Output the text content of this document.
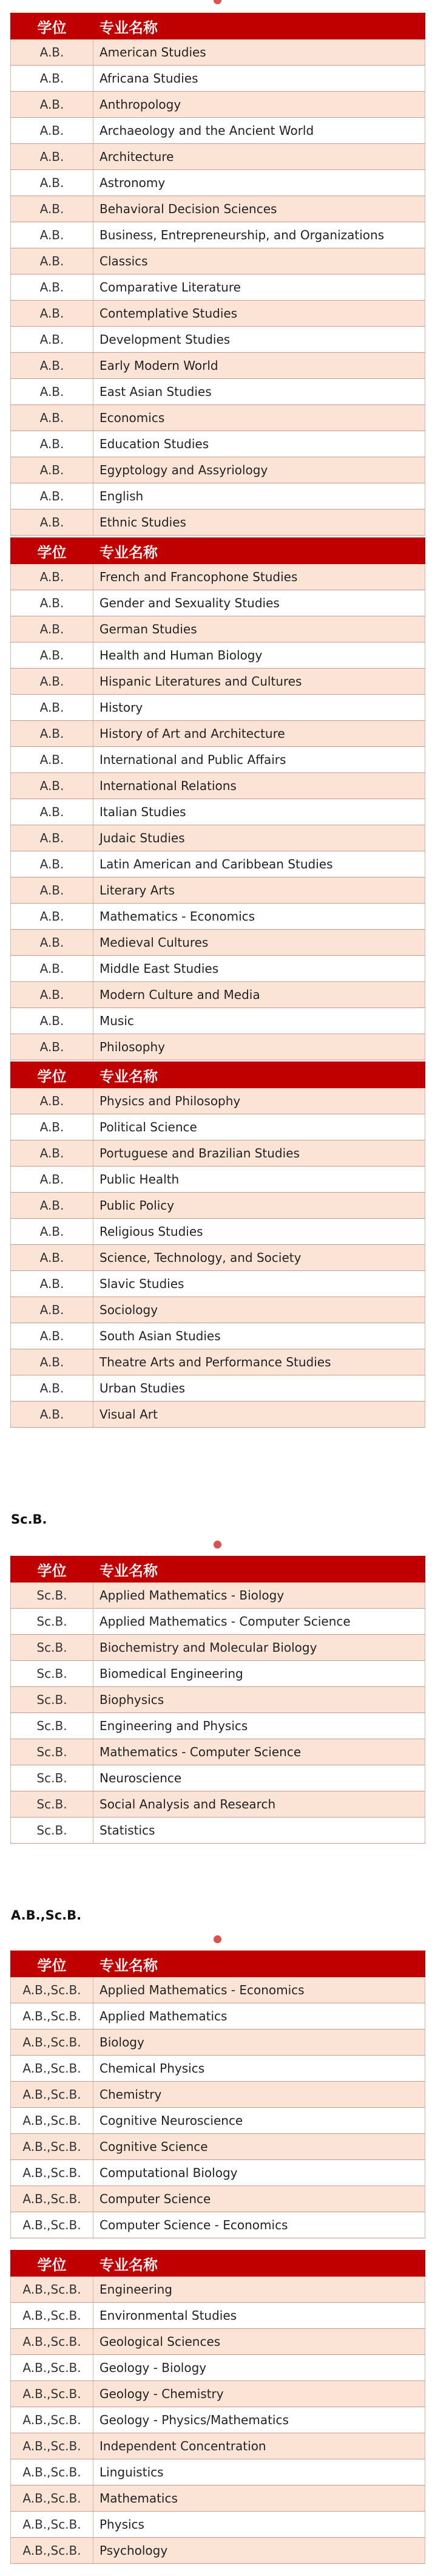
学位	专业名称
A.B.	American Studies
A.B.	Africana Studies
A.B.	Anthropology
A.B.	Archaeology and the Ancient World
A.B.	Architecture
A.B.	Astronomy
A.B.	Behavioral Decision Sciences
A.B.	Business, Entrepreneurship, and Organizations
A.B.	Classics
A.B.	Comparative Literature
A.B.	Contemplative Studies
A.B.	Development Studies
A.B.	Early Modern World
A.B.	East Asian Studies
A.B.	Economics
A.B.	Education Studies
A.B.	Egyptology and Assyriology
A.B.	English
A.B.	Ethnic Studies
学位	专业名称
A.B.	French and Francophone Studies
A.B.	Gender and Sexuality Studies
A.B.	German Studies
A.B.	Health and Human Biology
A.B.	Hispanic Literatures and Cultures
A.B.	History
A.B.	History of Art and Architecture
A.B.	International and Public Affairs
A.B.	International Relations
A.B.	Italian Studies
A.B.	Judaic Studies
A.B.	Latin American and Caribbean Studies
A.B.	Literary Arts
A.B.	Mathematics - Economics
A.B.	Medieval Cultures
A.B.	Middle East Studies
A.B.	Modern Culture and Media
A.B.	Music
A.B.	Philosophy
学位	专业名称
A.B.	Physics and Philosophy
A.B.	Political Science
A.B.	Portuguese and Brazilian Studies
A.B.	Public Health
A.B.	Public Policy
A.B.	Religious Studies
A.B.	Science, Technology, and Society
A.B.	Slavic Studies
A.B.	Sociology
A.B.	South Asian Studies
A.B.	Theatre Arts and Performance Studies
A.B.	Urban Studies
A.B.	Visual Art
Sc.B.
学位	专业名称
Sc.B.	Applied Mathematics - Biology
Sc.B.	Applied Mathematics - Computer Science
Sc.B.	Biochemistry and Molecular Biology
Sc.B.	Biomedical Engineering
Sc.B.	Biophysics
Sc.B.	Engineering and Physics
Sc.B.	Mathematics - Computer Science
Sc.B.	Neuroscience
Sc.B.	Social Analysis and Research
Sc.B.	Statistics
A.B.,Sc.B.
学位	专业名称
A.B.,Sc.B.	Applied Mathematics - Economics
A.B.,Sc.B.	Applied Mathematics
A.B.,Sc.B.	Biology
A.B.,Sc.B.	Chemical Physics
A.B.,Sc.B.	Chemistry
A.B.,Sc.B.	Cognitive Neuroscience
A.B.,Sc.B.	Cognitive Science
A.B.,Sc.B.	Computational Biology
A.B.,Sc.B.	Computer Science
A.B.,Sc.B.	Computer Science - Economics
学位	专业名称
A.B.,Sc.B.	Engineering
A.B.,Sc.B.	Environmental Studies
A.B.,Sc.B.	Geological Sciences
A.B.,Sc.B.	Geology - Biology
A.B.,Sc.B.	Geology - Chemistry
A.B.,Sc.B.	Geology - Physics/Mathematics
A.B.,Sc.B.	Independent Concentration
A.B.,Sc.B.	Linguistics
A.B.,Sc.B.	Mathematics
A.B.,Sc.B.	Physics
A.B.,Sc.B.	Psychology
